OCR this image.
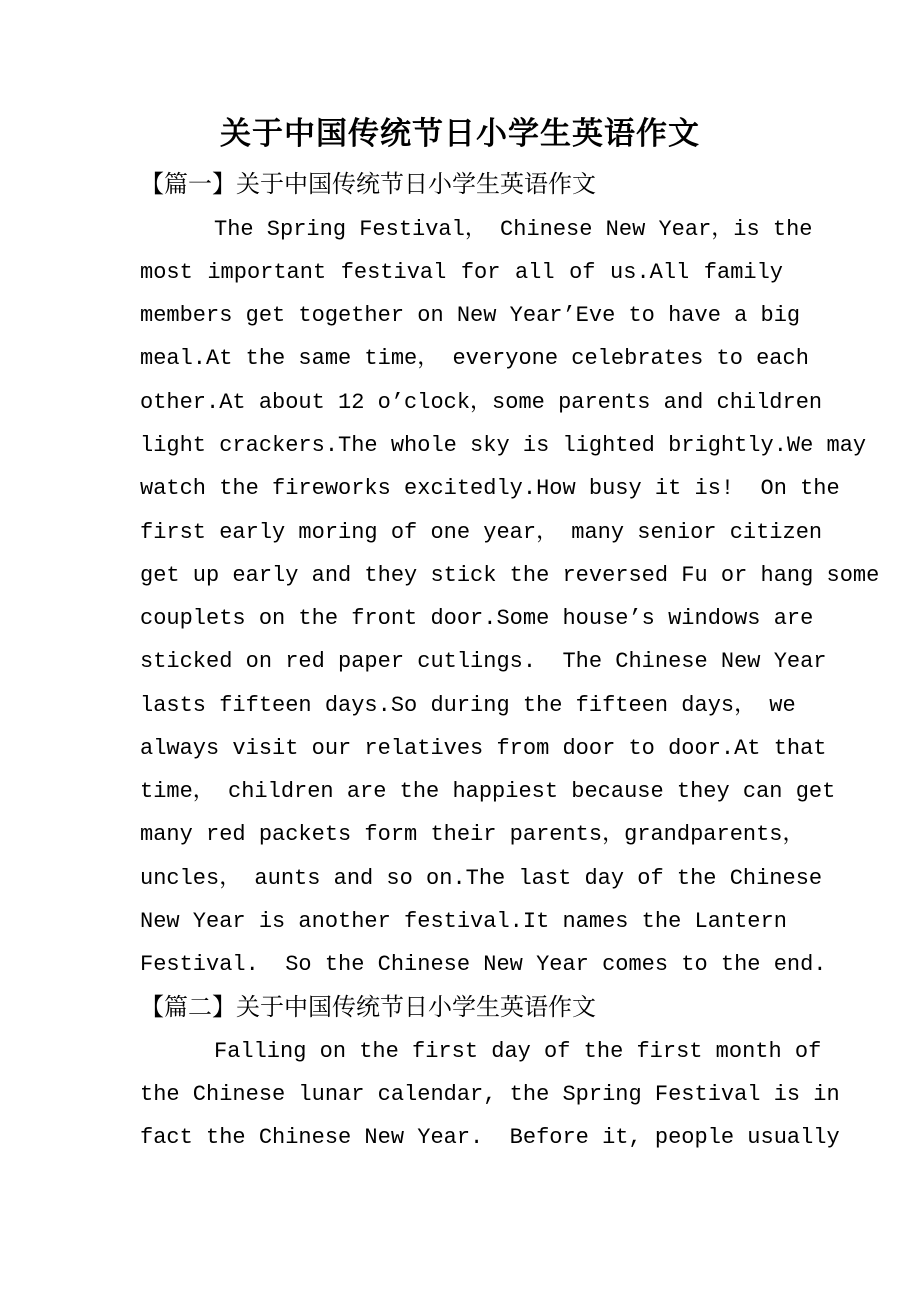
关于中国传统节日小学生英语作文
【篇一】关于中国传统节日小学生英语作文
The Spring Festival， Chinese New Year，is the
most important festival for all of us.All family
members get together on New Year’Eve to have a big
meal.At the same time， everyone celebrates to each
other.At about 12 o’clock，some parents and children
light crackers.The whole sky is lighted brightly.We may
watch the fireworks excitedly.How busy it is!  On the
first early moring of one year， many senior citizen
get up early and they stick the reversed Fu or hang some
couplets on the front door.Some house’s windows are
sticked on red paper cutlings.  The Chinese New Year
lasts fifteen days.So during the fifteen days， we
always visit our relatives from door to door.At that
time， children are the happiest because they can get
many red packets form their parents，grandparents，
uncles， aunts and so on.The last day of the Chinese
New Year is another festival.It names the Lantern
Festival.  So the Chinese New Year comes to the end.
【篇二】关于中国传统节日小学生英语作文
Falling on the first day of the first month of
the Chinese lunar calendar, the Spring Festival is in
fact the Chinese New Year.  Before it, people usually
